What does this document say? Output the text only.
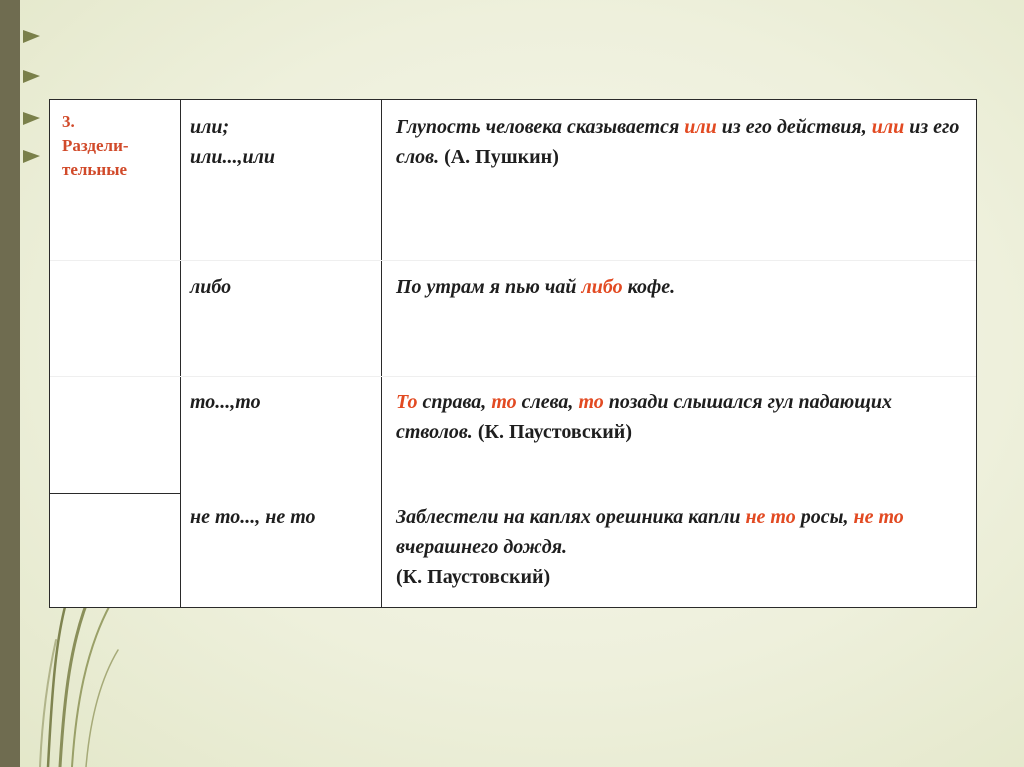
3.
Раздели-
тельные
или;
или...,или
либо
то...,то
не то..., не то
Глупость человека сказывается или из его действия, или из его слов. (А. Пушкин)
По утрам я пью чай либо кофе.
То справа, то слева, то позади слышался гул падающих стволов. (К. Паустовский)
Заблестели на каплях орешника капли не то росы, не то вчерашнего дождя.
(К. Паустовский)
